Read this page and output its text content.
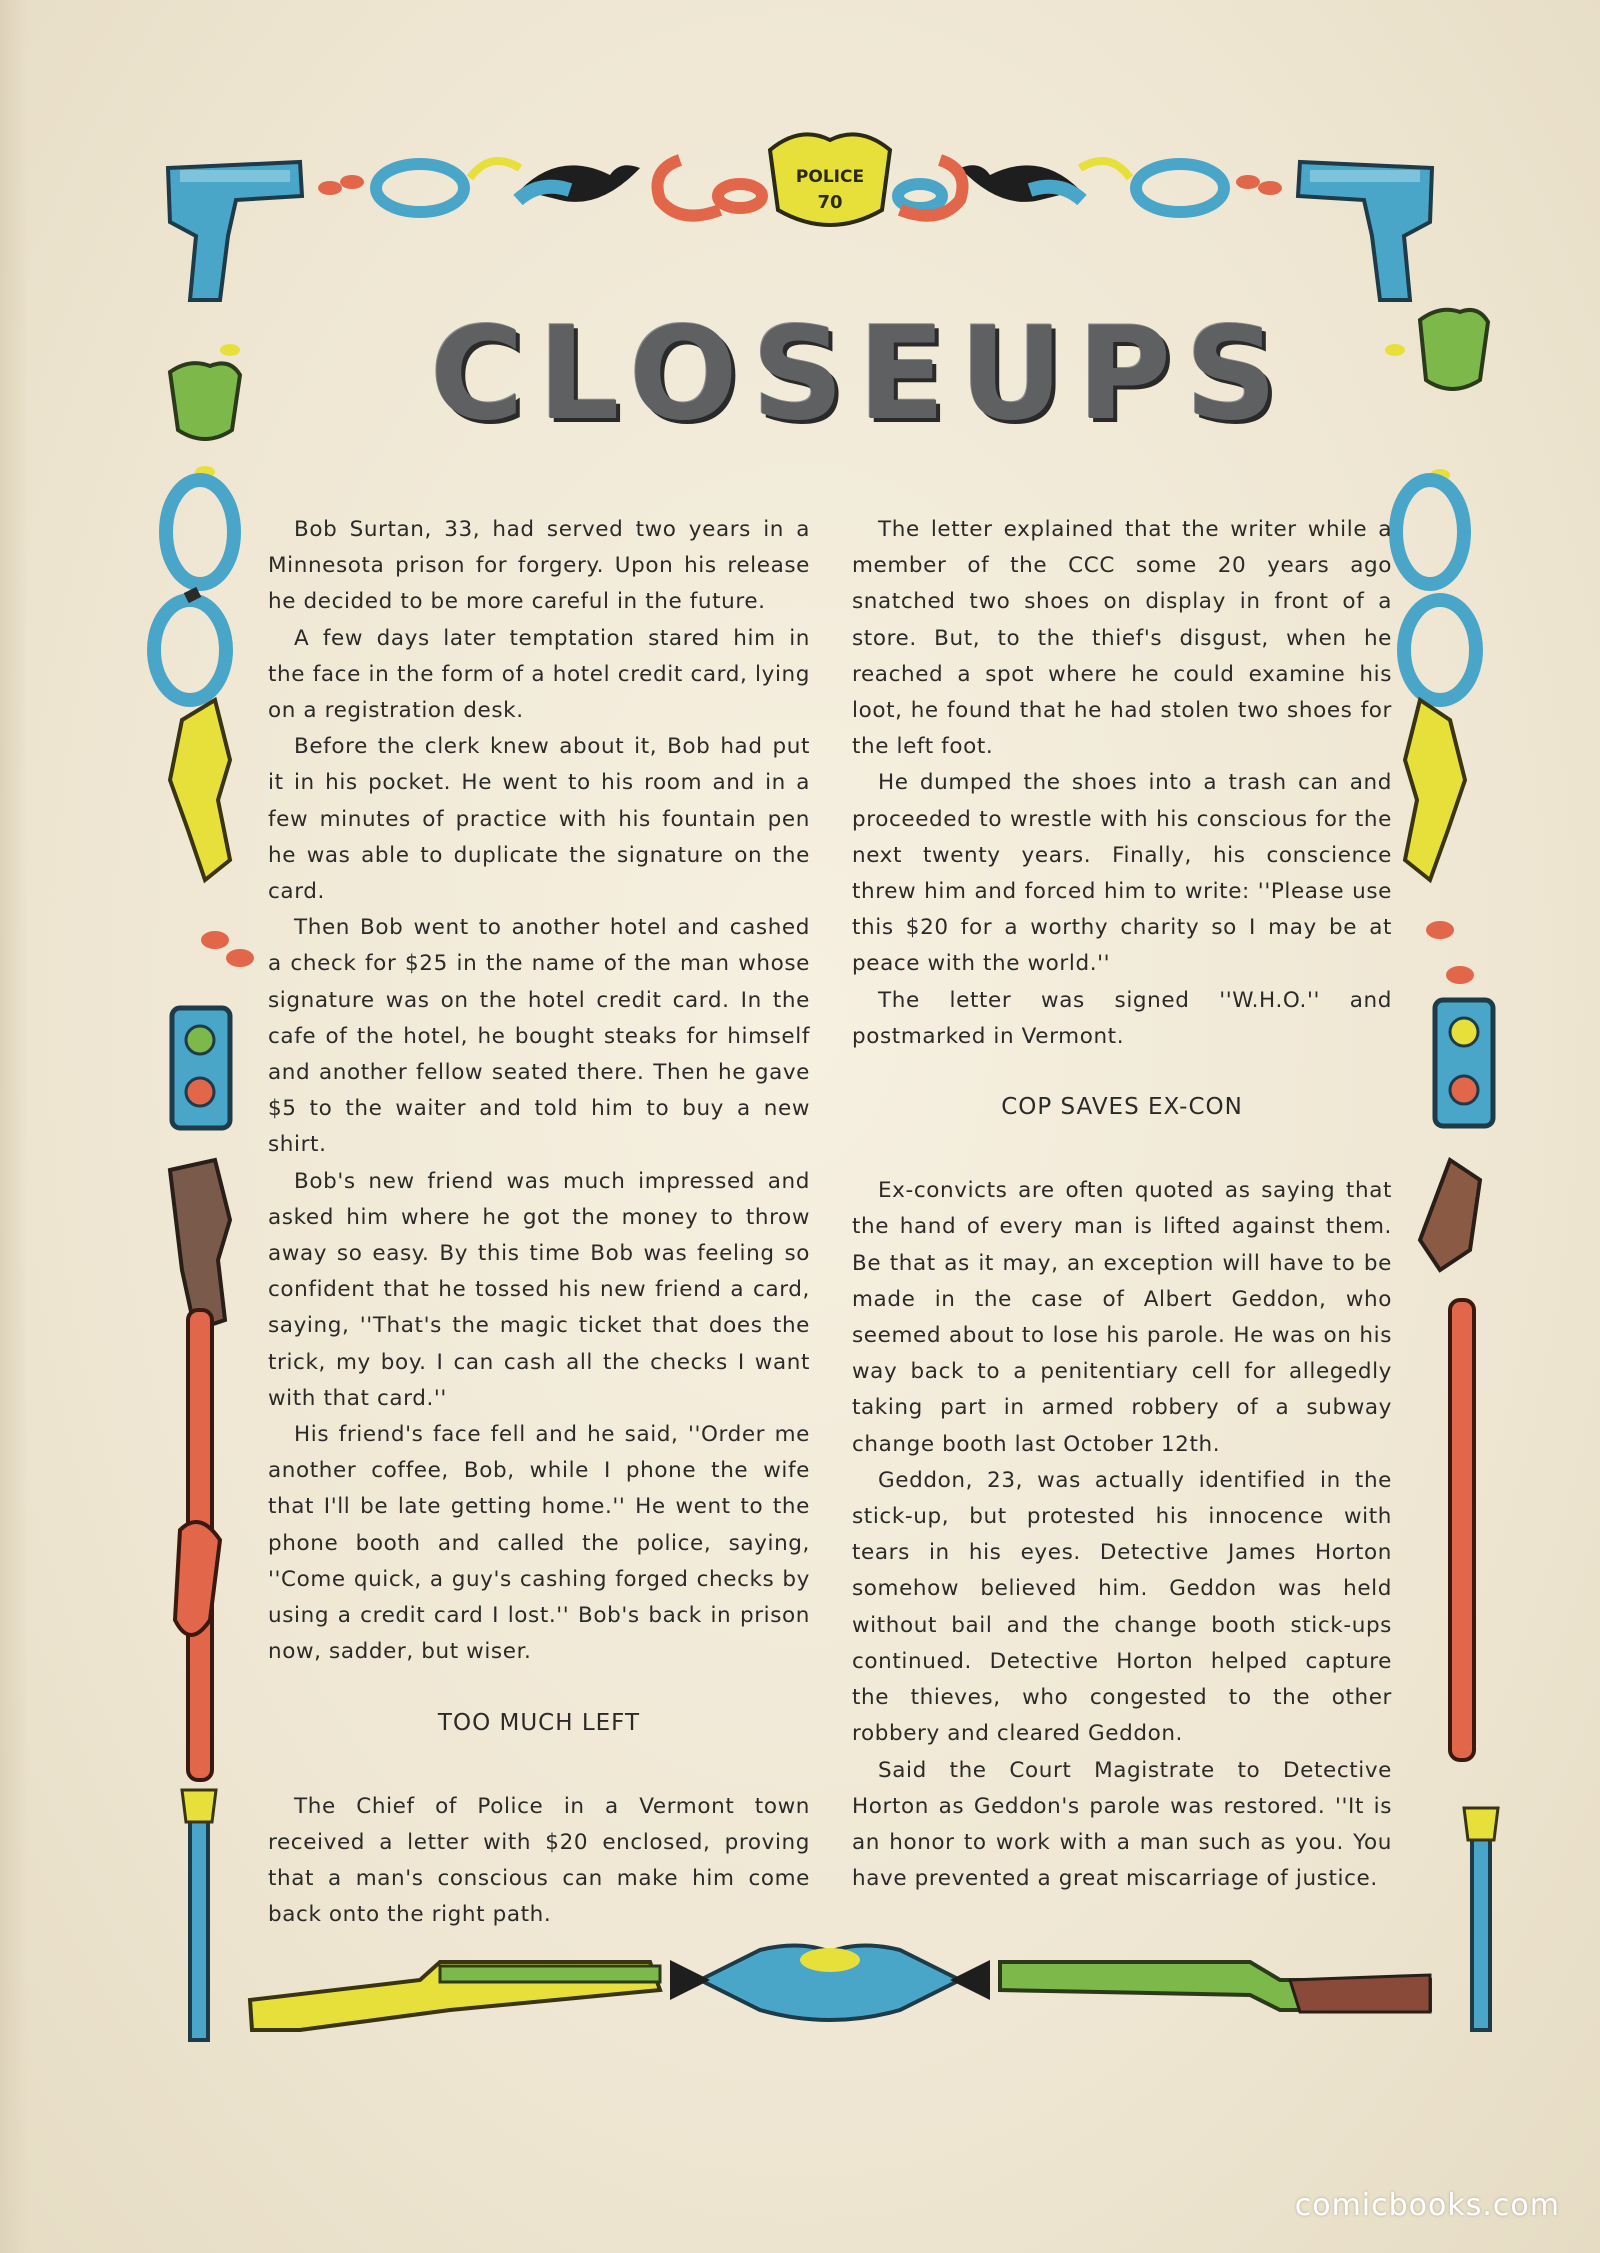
POLICE
70
CLOSEUPS

Bob Surtan, 33, had served two years in a Minnesota prison for forgery. Upon his release he decided to be more careful in the future.

A few days later temptation stared him in the face in the form of a hotel credit card, lying on a registration desk.

Before the clerk knew about it, Bob had put it in his pocket. He went to his room and in a few minutes of practice with his fountain pen he was able to duplicate the signature on the card.

Then Bob went to another hotel and cashed a check for $25 in the name of the man whose signature was on the hotel credit card. In the cafe of the hotel, he bought steaks for himself and another fellow seated there. Then he gave $5 to the waiter and told him to buy a new shirt.

Bob's new friend was much impressed and asked him where he got the money to throw away so easy. By this time Bob was feeling so confident that he tossed his new friend a card, saying, ''That's the magic ticket that does the trick, my boy. I can cash all the checks I want with that card.''

His friend's face fell and he said, ''Order me another coffee, Bob, while I phone the wife that I'll be late getting home.'' He went to the phone booth and called the police, saying, ''Come quick, a guy's cashing forged checks by using a credit card I lost.'' Bob's back in prison now, sadder, but wiser.

TOO MUCH LEFT

The Chief of Police in a Vermont town received a letter with $20 enclosed, proving that a man's conscious can make him come back onto the right path.

The letter explained that the writer while a member of the CCC some 20 years ago snatched two shoes on display in front of a store. But, to the thief's disgust, when he reached a spot where he could examine his loot, he found that he had stolen two shoes for the left foot.

He dumped the shoes into a trash can and proceeded to wrestle with his conscious for the next twenty years. Finally, his conscience threw him and forced him to write: ''Please use this $20 for a worthy charity so I may be at peace with the world.''

The letter was signed ''W.H.O.'' and postmarked in Vermont.

COP SAVES EX-CON

Ex-convicts are often quoted as saying that the hand of every man is lifted against them. Be that as it may, an exception will have to be made in the case of Albert Geddon, who seemed about to lose his parole. He was on his way back to a penitentiary cell for allegedly taking part in armed robbery of a subway change booth last October 12th.

Geddon, 23, was actually identified in the stick-up, but protested his innocence with tears in his eyes. Detective James Horton somehow believed him. Geddon was held without bail and the change booth stick-ups continued. Detective Horton helped capture the thieves, who congested to the other robbery and cleared Geddon.

Said the Court Magistrate to Detective Horton as Geddon's parole was restored. ''It is an honor to work with a man such as you. You have prevented a great miscarriage of justice.

comicbooks.com
